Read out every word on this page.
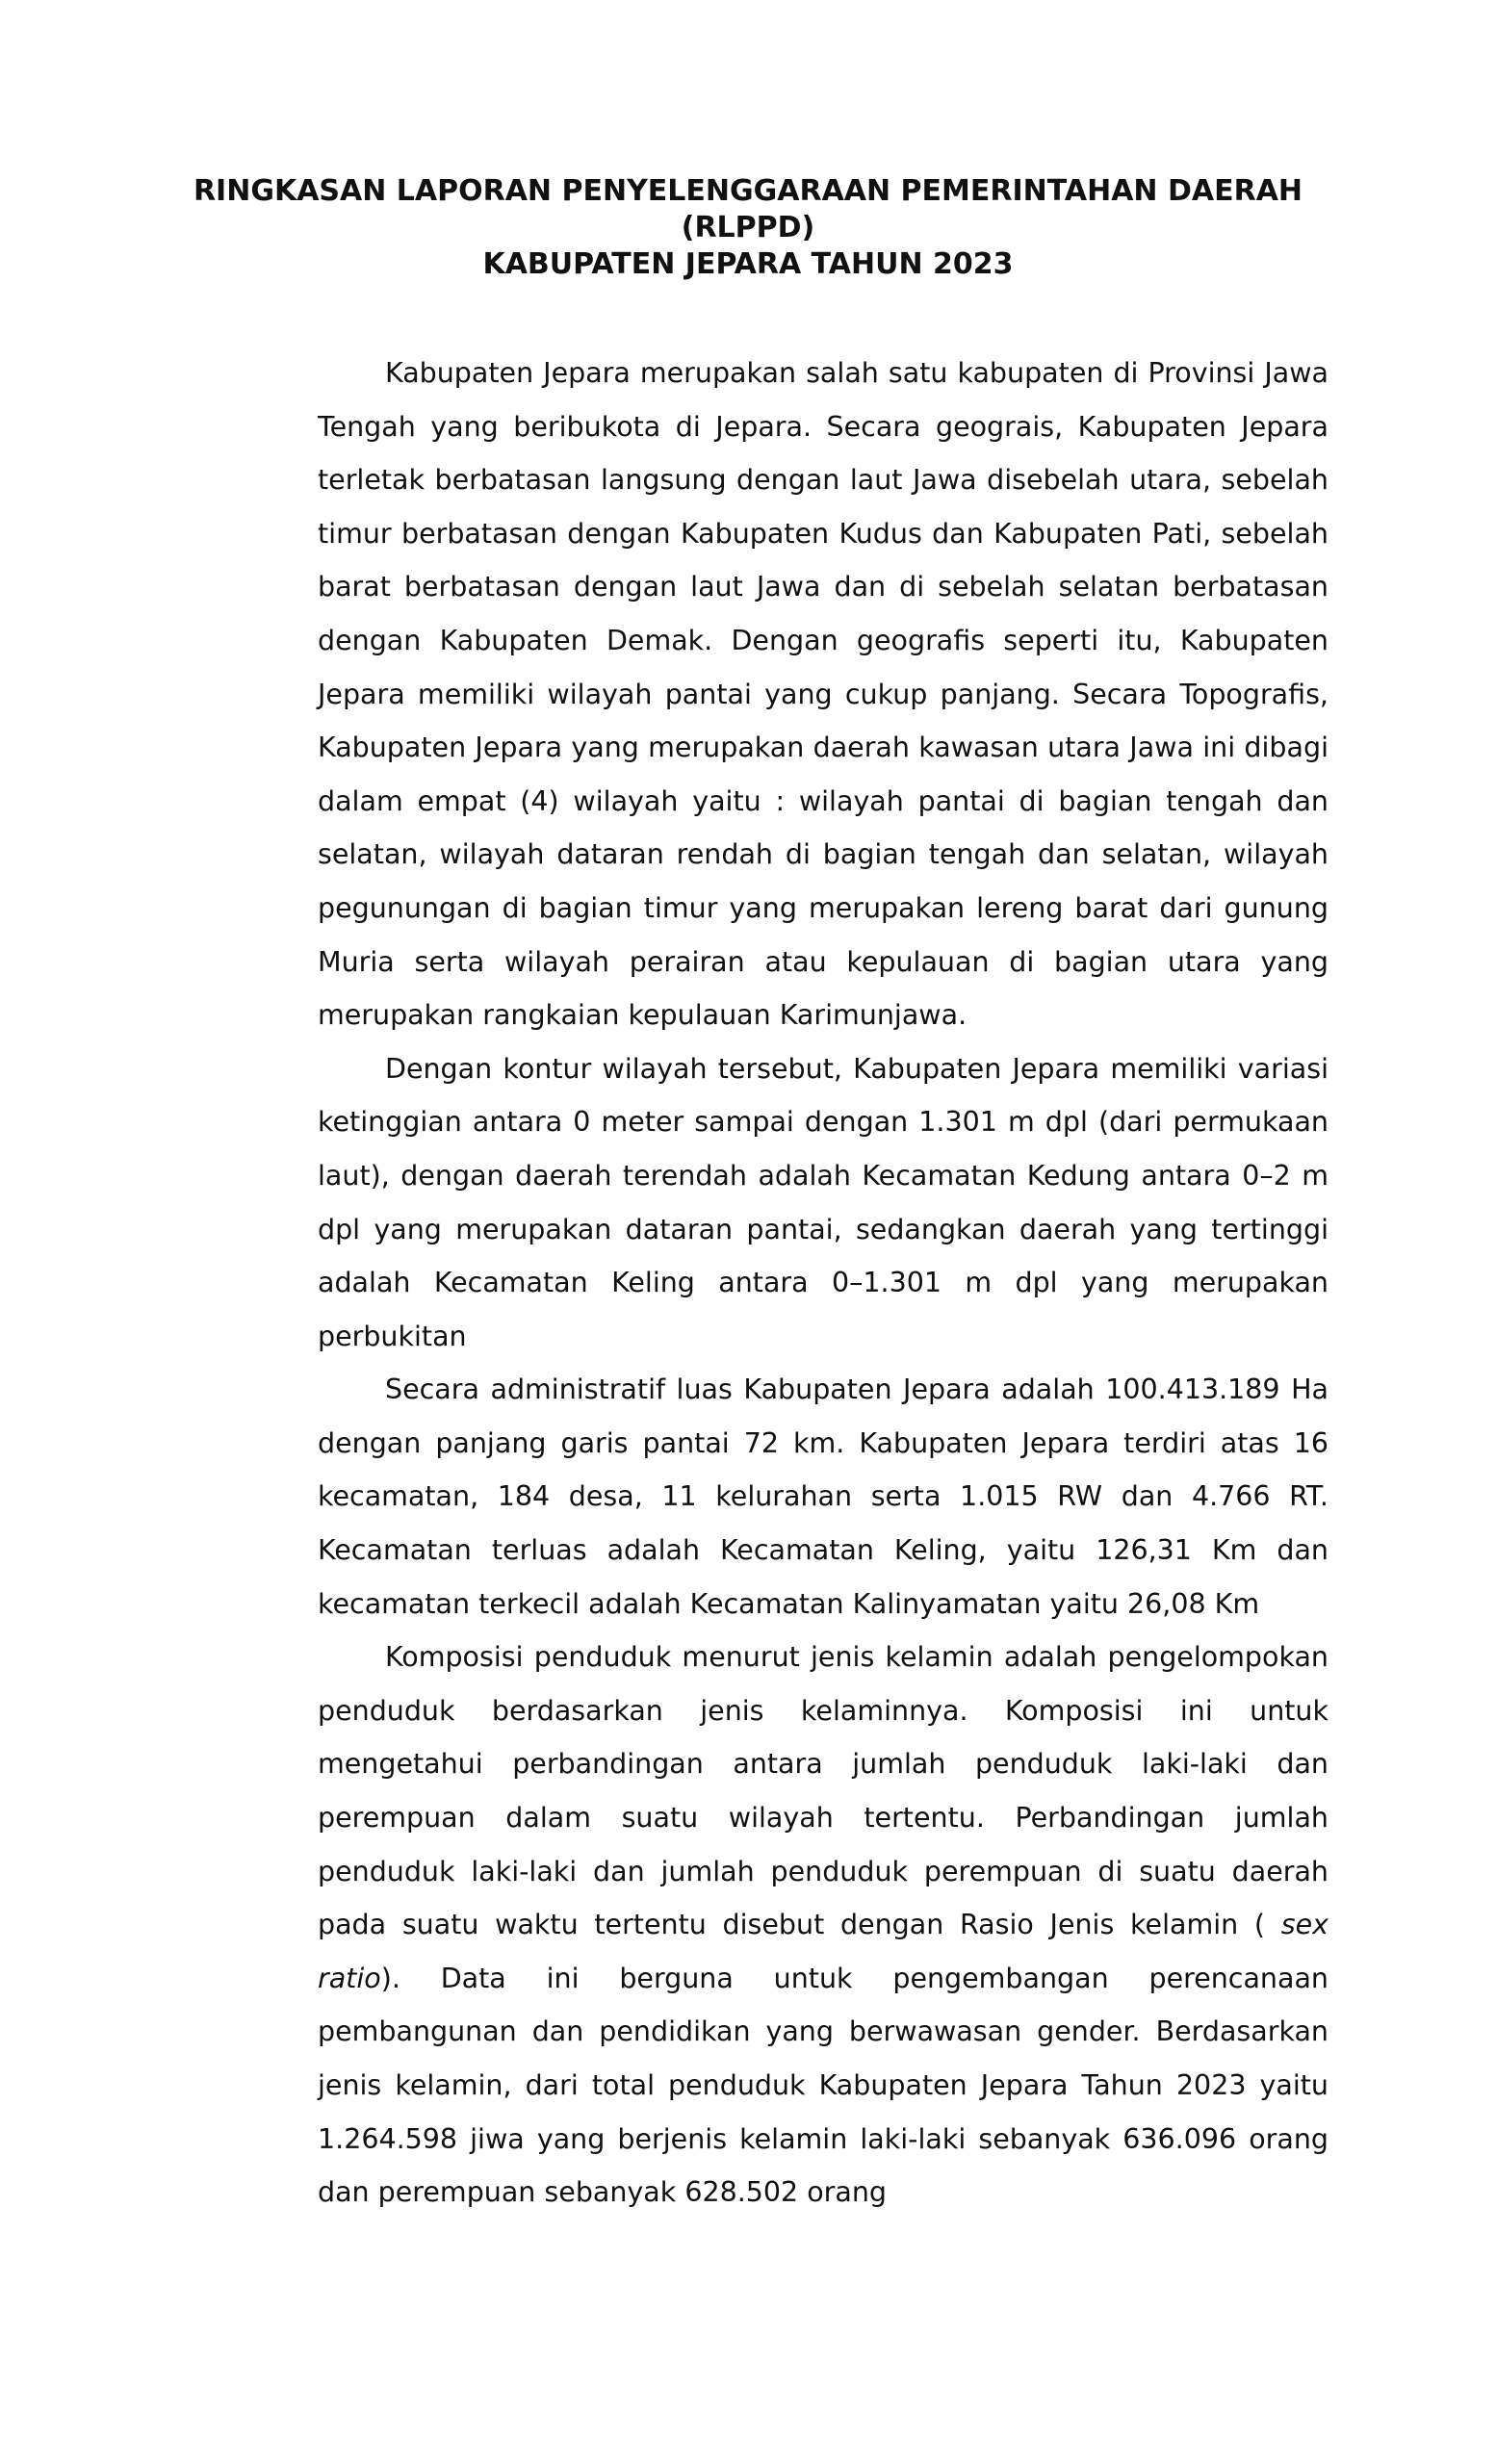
RINGKASAN LAPORAN PENYELENGGARAAN PEMERINTAHAN DAERAH
(RLPPD)
KABUPATEN JEPARA TAHUN 2023

Kabupaten Jepara merupakan salah satu kabupaten di Provinsi Jawa Tengah yang beribukota di Jepara. Secara geograis, Kabupaten Jepara terletak berbatasan langsung dengan laut Jawa disebelah utara, sebelah timur berbatasan dengan Kabupaten Kudus dan Kabupaten Pati, sebelah barat berbatasan dengan laut Jawa dan di sebelah selatan berbatasan dengan Kabupaten Demak. Dengan geografis seperti itu, Kabupaten Jepara memiliki wilayah pantai yang cukup panjang. Secara Topografis, Kabupaten Jepara yang merupakan daerah kawasan utara Jawa ini dibagi dalam empat (4) wilayah yaitu : wilayah pantai di bagian tengah dan selatan, wilayah dataran rendah di bagian tengah dan selatan, wilayah pegunungan di bagian timur yang merupakan lereng barat dari gunung Muria serta wilayah perairan atau kepulauan di bagian utara yang merupakan rangkaian kepulauan Karimunjawa.

Dengan kontur wilayah tersebut, Kabupaten Jepara memiliki variasi ketinggian antara 0 meter sampai dengan 1.301 m dpl (dari permukaan laut), dengan daerah terendah adalah Kecamatan Kedung antara 0–2 m dpl yang merupakan dataran pantai, sedangkan daerah yang tertinggi adalah Kecamatan Keling antara 0–1.301 m dpl yang merupakan perbukitan

Secara administratif luas Kabupaten Jepara adalah 100.413.189 Ha dengan panjang garis pantai 72 km. Kabupaten Jepara terdiri atas 16 kecamatan, 184 desa, 11 kelurahan serta 1.015 RW dan 4.766 RT. Kecamatan terluas adalah Kecamatan Keling, yaitu 126,31 Km dan kecamatan terkecil adalah Kecamatan Kalinyamatan yaitu 26,08 Km

Komposisi penduduk menurut jenis kelamin adalah pengelompokan penduduk berdasarkan jenis kelaminnya. Komposisi ini untuk mengetahui perbandingan antara jumlah penduduk laki-laki dan perempuan dalam suatu wilayah tertentu. Perbandingan jumlah penduduk laki-laki dan jumlah penduduk perempuan di suatu daerah pada suatu waktu tertentu disebut dengan Rasio Jenis kelamin ( sex ratio). Data ini berguna untuk pengembangan perencanaan pembangunan dan pendidikan yang berwawasan gender. Berdasarkan jenis kelamin, dari total penduduk Kabupaten Jepara Tahun 2023 yaitu 1.264.598 jiwa yang berjenis kelamin laki-laki sebanyak 636.096 orang dan perempuan sebanyak 628.502 orang
